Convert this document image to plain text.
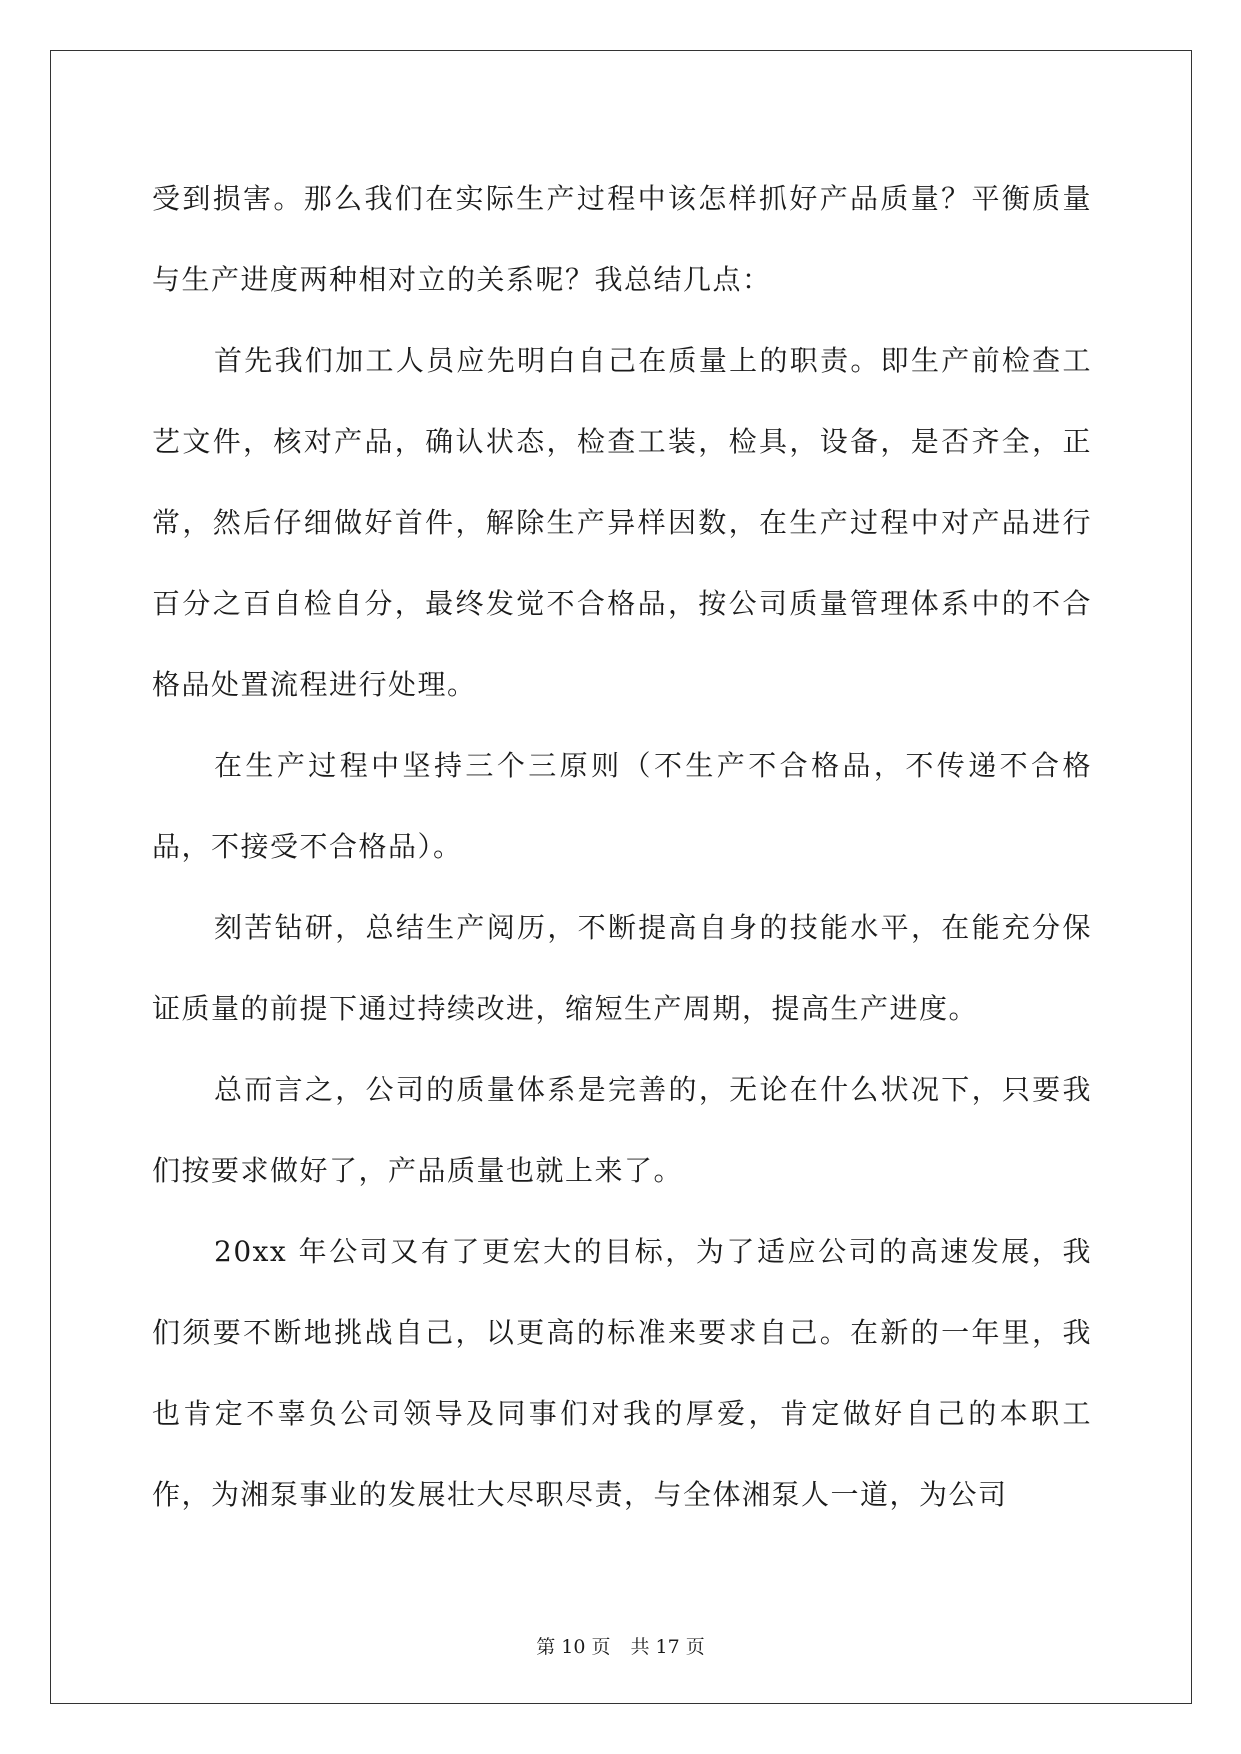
受到损害。那么我们在实际生产过程中该怎样抓好产品质量？平衡质量与生产进度两种相对立的关系呢？我总结几点：

首先我们加工人员应先明白自己在质量上的职责。即生产前检查工艺文件，核对产品，确认状态，检查工装，检具，设备，是否齐全，正常，然后仔细做好首件，解除生产异样因数，在生产过程中对产品进行百分之百自检自分，最终发觉不合格品，按公司质量管理体系中的不合格品处置流程进行处理。

在生产过程中坚持三个三原则（不生产不合格品，不传递不合格品，不接受不合格品）。

刻苦钻研，总结生产阅历，不断提高自身的技能水平，在能充分保证质量的前提下通过持续改进，缩短生产周期，提高生产进度。

总而言之，公司的质量体系是完善的，无论在什么状况下，只要我们按要求做好了，产品质量也就上来了。

20xx 年公司又有了更宏大的目标，为了适应公司的高速发展，我们须要不断地挑战自己，以更高的标准来要求自己。在新的一年里，我也肯定不辜负公司领导及同事们对我的厚爱，肯定做好自己的本职工作，为湘泵事业的发展壮大尽职尽责，与全体湘泵人一道，为公司

第 10 页 共 17 页
